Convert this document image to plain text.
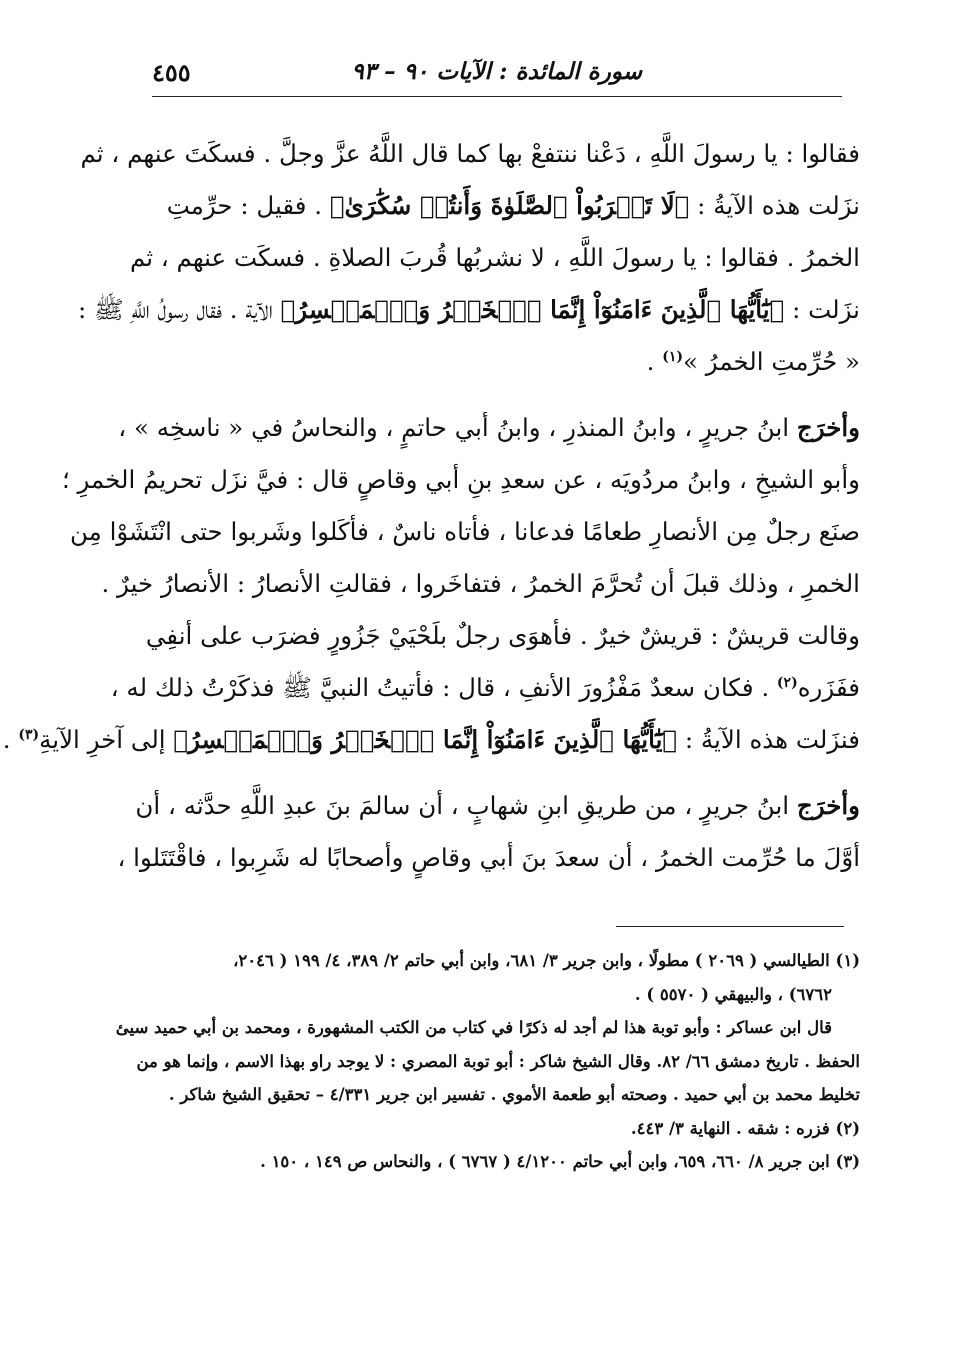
٤٥٥	سورة المائدة : الآيات ٩٠ – ٩٣
فقالوا : يا رسولَ اللَّهِ ، دَعْنا ننتفعْ بها كما قال اللَّهُ عزَّ وجلَّ . فسكَتَ عنهم ، ثم
نزَلت هذه الآيةُ : ﴿لَا تَقۡرَبُواْ ٱلصَّلَوٰةَ وَأَنتُمۡ سُكَٰرَىٰ﴾ . فقيل : حرِّمتِ
الخمرُ . فقالوا : يا رسولَ اللَّهِ ، لا نشربُها قُربَ الصلاةِ . فسكَت عنهم ، ثم
نزَلت : ﴿يَٰٓأَيُّهَا ٱلَّذِينَ ءَامَنُوٓاْ إِنَّمَا ٱلۡخَمۡرُ وَٱلۡمَيۡسِرُ﴾ الآية . فقال رسولُ اللَّهِ ﷺ :
« حُرِّمتِ الخمرُ »$^{(١)}$ .
وأخرَج ابنُ جريرٍ ، وابنُ المنذرِ ، وابنُ أبي حاتمٍ ، والنحاسُ في « ناسخِه » ،
وأبو الشيخِ ، وابنُ مردُويَه ، عن سعدِ بنِ أبي وقاصٍ قال : فيَّ نزَل تحريمُ الخمرِ ؛
صنَع رجلٌ مِن الأنصارِ طعامًا فدعانا ، فأتاه ناسٌ ، فأكَلوا وشَربوا حتى انْتَشَوْا مِن
الخمرِ ، وذلك قبلَ أن تُحرَّمَ الخمرُ ، فتفاخَروا ، فقالتِ الأنصارُ : الأنصارُ خيرٌ .
وقالت قريشٌ : قريشٌ خيرٌ . فأهوَى رجلٌ بلَحْيَيْ جَزُورٍ فضرَب على أنفِي
ففَزَره$^{(٢)}$ . فكان سعدٌ مَفْزُورَ الأنفِ ، قال : فأتيتُ النبيَّ ﷺ فذكَرْتُ ذلك له ،
فنزَلت هذه الآيةُ : ﴿يَٰٓأَيُّهَا ٱلَّذِينَ ءَامَنُوٓاْ إِنَّمَا ٱلۡخَمۡرُ وَٱلۡمَيۡسِرُ﴾ إلى آخرِ الآيةِ$^{(٣)}$ .
وأخرَج ابنُ جريرٍ ، من طريقِ ابنِ شهابٍ ، أن سالمَ بنَ عبدِ اللَّهِ حدَّثه ، أن
أوَّلَ ما حُرِّمت الخمرُ ، أن سعدَ بنَ أبي وقاصٍ وأصحابًا له شَرِبوا ، فاقْتَتَلوا ،
(١) الطيالسي ( ٢٠٦٩ ) مطولًا ، وابن جرير ٣/ ٦٨١، وابن أبي حاتم ٢/ ٣٨٩، ٤/ ١٩٩ ( ٢٠٤٦،
٦٧٦٢) ، والبيهقي ( ٥٥٧٠ ) .
قال ابن عساكر : وأبو توبة هذا لم أجد له ذكرًا في كتاب من الكتب المشهورة ، ومحمد بن أبي حميد سيئ
الحفظ . تاريخ دمشق ٦٦/ ٨٢. وقال الشيخ شاكر : أبو توبة المصري : لا يوجد راو بهذا الاسم ، وإنما هو من
تخليط محمد بن أبي حميد . وصحته أبو طعمة الأموي . تفسير ابن جرير ٤/٣٣١ – تحقيق الشيخ شاكر .
(٢) فزره : شقه . النهاية ٣/ ٤٤٣.
(٣) ابن جرير ٨/ ٦٦٠، ٦٥٩، وابن أبي حاتم ٤/١٢٠٠ ( ٦٧٦٧ ) ، والنحاس ص ١٤٩ ، ١٥٠ .
